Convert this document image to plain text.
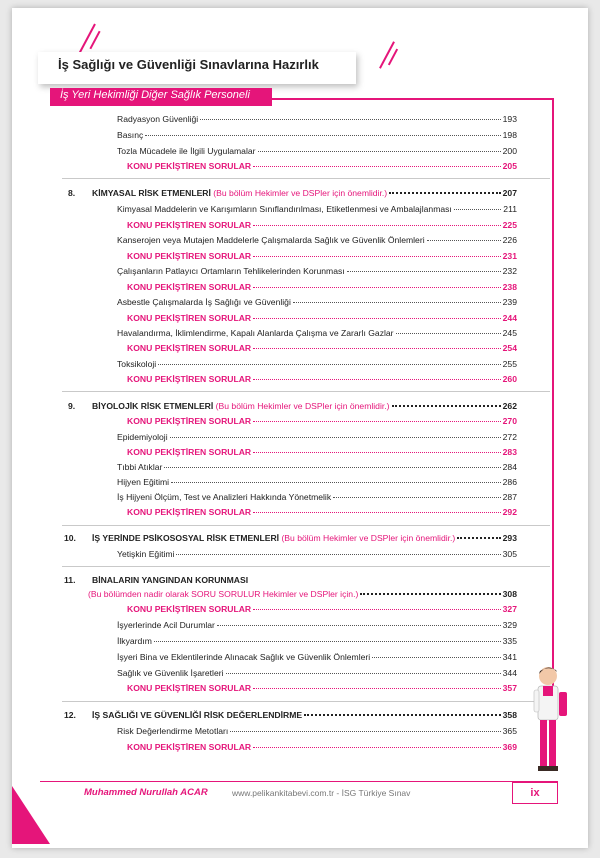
İş Sağlığı ve Güvenliği Sınavlarına Hazırlık
İş Yeri Hekimliği Diğer Sağlık Personeli
Radyasyon Güvenliği	193
Basınç	198
Tozla Mücadele ile İlgili Uygulamalar	200
KONU PEKİŞTİREN SORULAR	205
8. KİMYASAL RİSK ETMENLERİ (Bu bölüm Hekimler ve DSPler için önemlidir.)	207
Kimyasal Maddelerin ve Karışımların Sınıflandırılması, Etiketlenmesi ve Ambalajlanması	211
KONU PEKİŞTİREN SORULAR	225
Kanserojen veya Mutajen Maddelerle Çalışmalarda Sağlık ve Güvenlik Önlemleri	226
KONU PEKİŞTİREN SORULAR	231
Çalışanların Patlayıcı Ortamların Tehlikelerinden Korunması	232
KONU PEKİŞTİREN SORULAR	238
Asbestle Çalışmalarda İş Sağlığı ve Güvenliği	239
KONU PEKİŞTİREN SORULAR	244
Havalandırma, İklimlendirme, Kapalı Alanlarda Çalışma ve Zararlı Gazlar	245
KONU PEKİŞTİREN SORULAR	254
Toksikoloji	255
KONU PEKİŞTİREN SORULAR	260
9. BİYOLOJİK RİSK ETMENLERİ (Bu bölüm Hekimler ve DSPler için önemlidir.)	262
KONU PEKİŞTİREN SORULAR	270
Epidemiyoloji	272
KONU PEKİŞTİREN SORULAR	283
Tıbbi Atıklar	284
Hijyen Eğitimi	286
İş Hijyeni Ölçüm, Test ve Analizleri Hakkında Yönetmelik	287
KONU PEKİŞTİREN SORULAR	292
10. İŞ YERİNDE PSİKOSOSYAL RİSK ETMENLERİ (Bu bölüm Hekimler ve DSPler için önemlidir.)	293
Yetişkin Eğitimi	305
11. BİNALARIN YANGINDAN KORUNMASI
(Bu bölümden nadir olarak SORU SORULUR Hekimler ve DSPler için.)	308
KONU PEKİŞTİREN SORULAR	327
İşyerlerinde Acil Durumlar	329
İlkyardım	335
İşyeri Bina ve Eklentilerinde Alınacak Sağlık ve Güvenlik Önlemleri	341
Sağlık ve Güvenlik İşaretleri	344
KONU PEKİŞTİREN SORULAR	357
12. İŞ SAĞLIĞI VE GÜVENLİĞİ RİSK DEĞERLENDİRME	358
Risk Değerlendirme Metotları	365
KONU PEKİŞTİREN SORULAR	369
Muhammed Nurullah ACAR	www.pelikankitabevi.com.tr - İSG Türkiye Sınav	ix
